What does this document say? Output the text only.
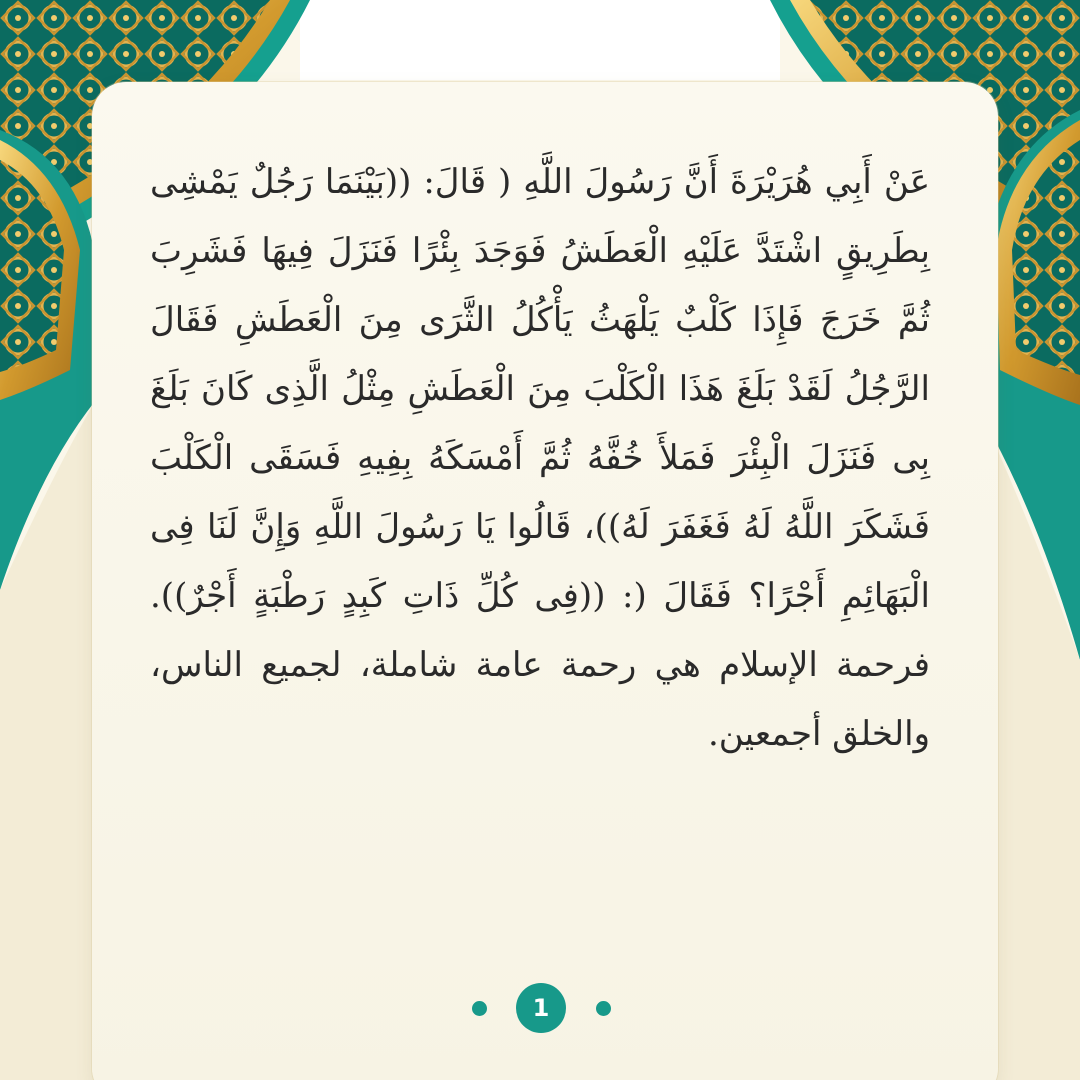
عَنْ أَبِي هُرَيْرَةَ أَنَّ رَسُولَ اللَّهِ ( قَالَ: ((بَيْنَمَا رَجُلٌ يَمْشِى بِطَرِيقٍ اشْتَدَّ عَلَيْهِ الْعَطَشُ فَوَجَدَ بِئْرًا فَنَزَلَ فِيهَا فَشَرِبَ ثُمَّ خَرَجَ فَإِذَا كَلْبٌ يَلْهَثُ يَأْكُلُ الثَّرَى مِنَ الْعَطَشِ فَقَالَ الرَّجُلُ لَقَدْ بَلَغَ هَذَا الْكَلْبَ مِنَ الْعَطَشِ مِثْلُ الَّذِى كَانَ بَلَغَ بِى فَنَزَلَ الْبِئْرَ فَمَلأَ خُفَّهُ ثُمَّ أَمْسَكَهُ بِفِيهِ فَسَقَى الْكَلْبَ فَشَكَرَ اللَّهُ لَهُ فَغَفَرَ لَهُ))، قَالُوا يَا رَسُولَ اللَّهِ وَإِنَّ لَنَا فِى الْبَهَائِمِ أَجْرًا؟ فَقَالَ (: ((فِى كُلِّ ذَاتِ كَبِدٍ رَطْبَةٍ أَجْرٌ)). فرحمة الإسلام هي رحمة عامة شاملة، لجميع الناس، والخلق أجمعين.

1
